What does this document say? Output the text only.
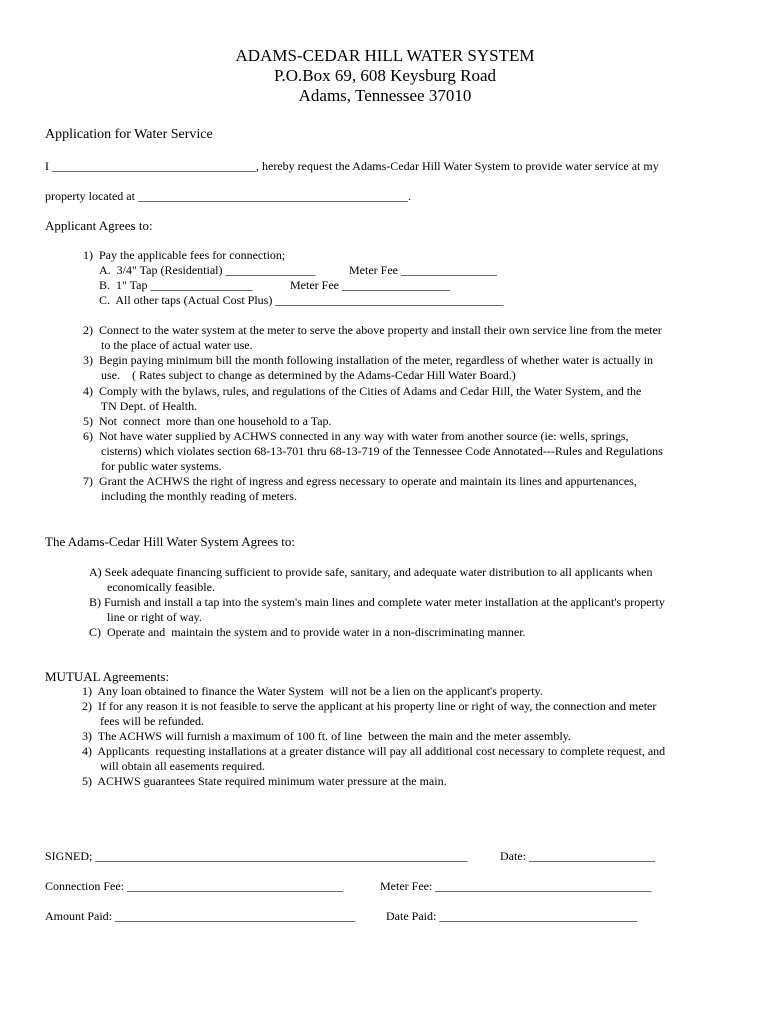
ADAMS-CEDAR HILL WATER SYSTEM
P.O.Box 69, 608 Keysburg Road
Adams, Tennessee 37010
Application for Water Service
I __________________________________, hereby request the Adams-Cedar Hill Water System to provide water service at my
property located at _____________________________________________.
Applicant Agrees to:
1)  Pay the applicable fees for connection;
A.  3/4" Tap (Residential) _______________	Meter Fee ________________
B.  1" Tap _________________	Meter Fee __________________
C.  All other taps (Actual Cost Plus) ______________________________________
2)  Connect to the water system at the meter to serve the above property and install their own service line from the meter
to the place of actual water use.
3)  Begin paying minimum bill the month following installation of the meter, regardless of whether water is actually in
use.    ( Rates subject to change as determined by the Adams-Cedar Hill Water Board.)
4)  Comply with the bylaws, rules, and regulations of the Cities of Adams and Cedar Hill, the Water System, and the
TN Dept. of Health.
5)  Not  connect  more than one household to a Tap.
6)  Not have water supplied by ACHWS connected in any way with water from another source (ie: wells, springs,
cisterns) which violates section 68-13-701 thru 68-13-719 of the Tennessee Code Annotated---Rules and Regulations
for public water systems.
7)  Grant the ACHWS the right of ingress and egress necessary to operate and maintain its lines and appurtenances,
including the monthly reading of meters.
The Adams-Cedar Hill Water System Agrees to:
A) Seek adequate financing sufficient to provide safe, sanitary, and adequate water distribution to all applicants when
economically feasible.
B) Furnish and install a tap into the system's main lines and complete water meter installation at the applicant's property
line or right of way.
C)  Operate and  maintain the system and to provide water in a non-discriminating manner.
MUTUAL Agreements:
1)  Any loan obtained to finance the Water System  will not be a lien on the applicant's property.
2)  If for any reason it is not feasible to serve the applicant at his property line or right of way, the connection and meter
fees will be refunded.
3)  The ACHWS will furnish a maximum of 100 ft. of line  between the main and the meter assembly.
4)  Applicants  requesting installations at a greater distance will pay all additional cost necessary to complete request, and
will obtain all easements required.
5)  ACHWS guarantees State required minimum water pressure at the main.
SIGNED; ______________________________________________________________	Date: _____________________
Connection Fee: ____________________________________	Meter Fee: ____________________________________
Amount Paid: ________________________________________	Date Paid: _________________________________
